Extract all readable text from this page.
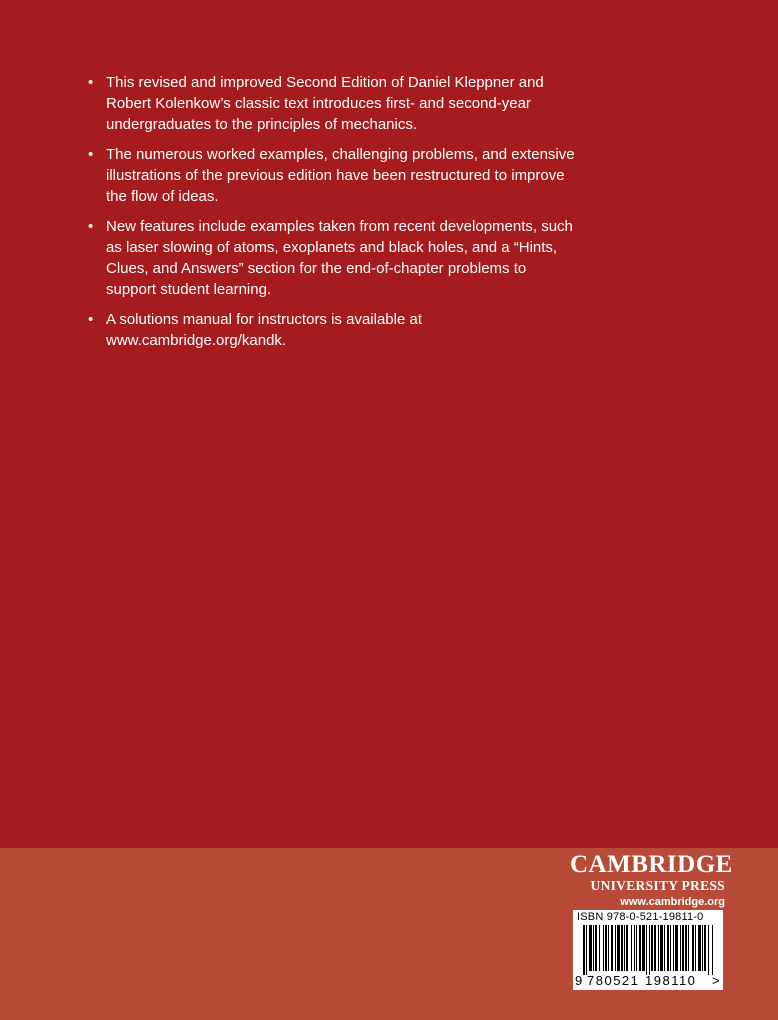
• This revised and improved Second Edition of Daniel Kleppner and Robert Kolenkow’s classic text introduces first- and second-year undergraduates to the principles of mechanics.
• The numerous worked examples, challenging problems, and extensive illustrations of the previous edition have been restructured to improve the flow of ideas.
• New features include examples taken from recent developments, such as laser slowing of atoms, exoplanets and black holes, and a “Hints, Clues, and Answers” section for the end-of-chapter problems to support student learning.
• A solutions manual for instructors is available at www.cambridge.org/kandk.
CAMBRIDGE
UNIVERSITY PRESS
www.cambridge.org
ISBN 978-0-521-19811-0
9 780521 198110 >
